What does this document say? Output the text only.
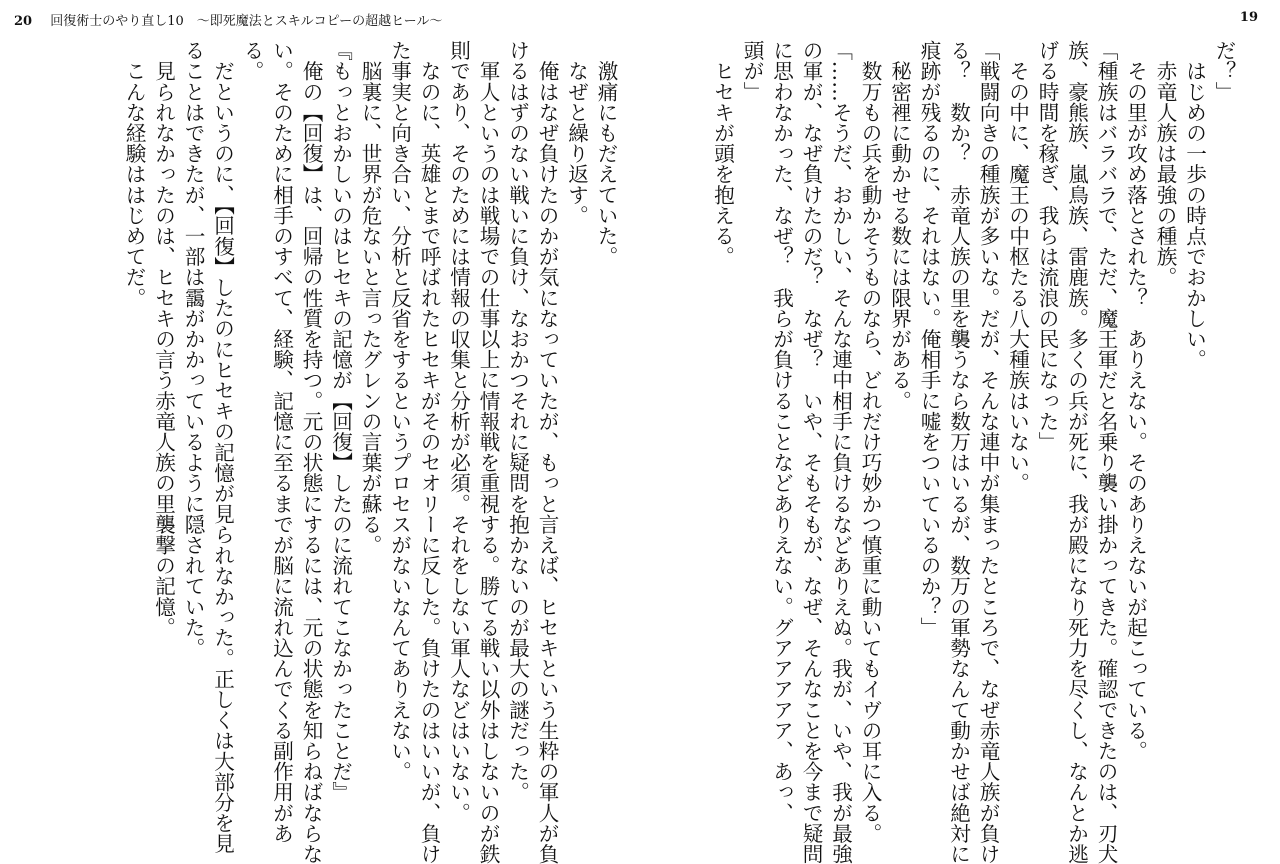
20 回復術士のやり直し10　〜即死魔法とスキルコピーの超越ヒール〜	19
だ？」
　はじめの一歩の時点でおかしい。
　赤竜人族は最強の種族。
　その里が攻め落とされた？　ありえない。そのありえないが起こっている。
「種族はバラバラで、ただ、魔王軍だと名乗り襲い掛かってきた。確認できたのは、刃犬
族、豪熊族、嵐鳥族、雷鹿族。多くの兵が死に、我が殿になり死力を尽くし、なんとか逃
げる時間を稼ぎ、我らは流浪の民になった」
　その中に、魔王の中枢たる八大種族はいない。
「戦闘向きの種族が多いな。だが、そんな連中が集まったところで、なぜ赤竜人族が負け
る？　数か？　赤竜人族の里を襲うなら数万はいるが、数万の軍勢なんて動かせば絶対に
痕跡が残るのに、それはない。俺相手に嘘をついているのか？」
　秘密裡に動かせる数には限界がある。
　数万もの兵を動かそうものなら、どれだけ巧妙かつ慎重に動いてもイヴの耳に入る。
「……そうだ、おかしい、そんな連中相手に負けるなどありえぬ。我が、いや、我が最強
の軍が、なぜ負けたのだ？　なぜ？　いや、そもそもが、なぜ、そんなことを今まで疑問
に思わなかった、なぜ？　我らが負けることなどありえない。グアアアアア、あっ、
頭が」
　ヒセキが頭を抱える。
　激痛にもだえていた。
　なぜと繰り返す。
　俺はなぜ負けたのかが気になっていたが、もっと言えば、ヒセキという生粋の軍人が負
けるはずのない戦いに負け、なおかつそれに疑問を抱かないのが最大の謎だった。
　軍人というのは戦場での仕事以上に情報戦を重視する。勝てる戦い以外はしないのが鉄
則であり、そのためには情報の収集と分析が必須。それをしない軍人などはいない。
　なのに、英雄とまで呼ばれたヒセキがそのセオリーに反した。負けたのはいいが、負け
た事実と向き合い、分析と反省をするというプロセスがないなんてありえない。
　脳裏に、世界が危ないと言ったグレンの言葉が蘇る。
『もっとおかしいのはヒセキの記憶が【回復】したのに流れてこなかったことだ』
　俺の【回復】は、回帰の性質を持つ。元の状態にするには、元の状態を知らねばならな
い。そのために相手のすべて、経験、記憶に至るまでが脳に流れ込んでくる副作用があ
る。
　だというのに、【回復】したのにヒセキの記憶が見られなかった。正しくは大部分を見
ることはできたが、一部は靄がかかっているように隠されていた。
　見られなかったのは、ヒセキの言う赤竜人族の里襲撃の記憶。
　こんな経験ははじめてだ。
